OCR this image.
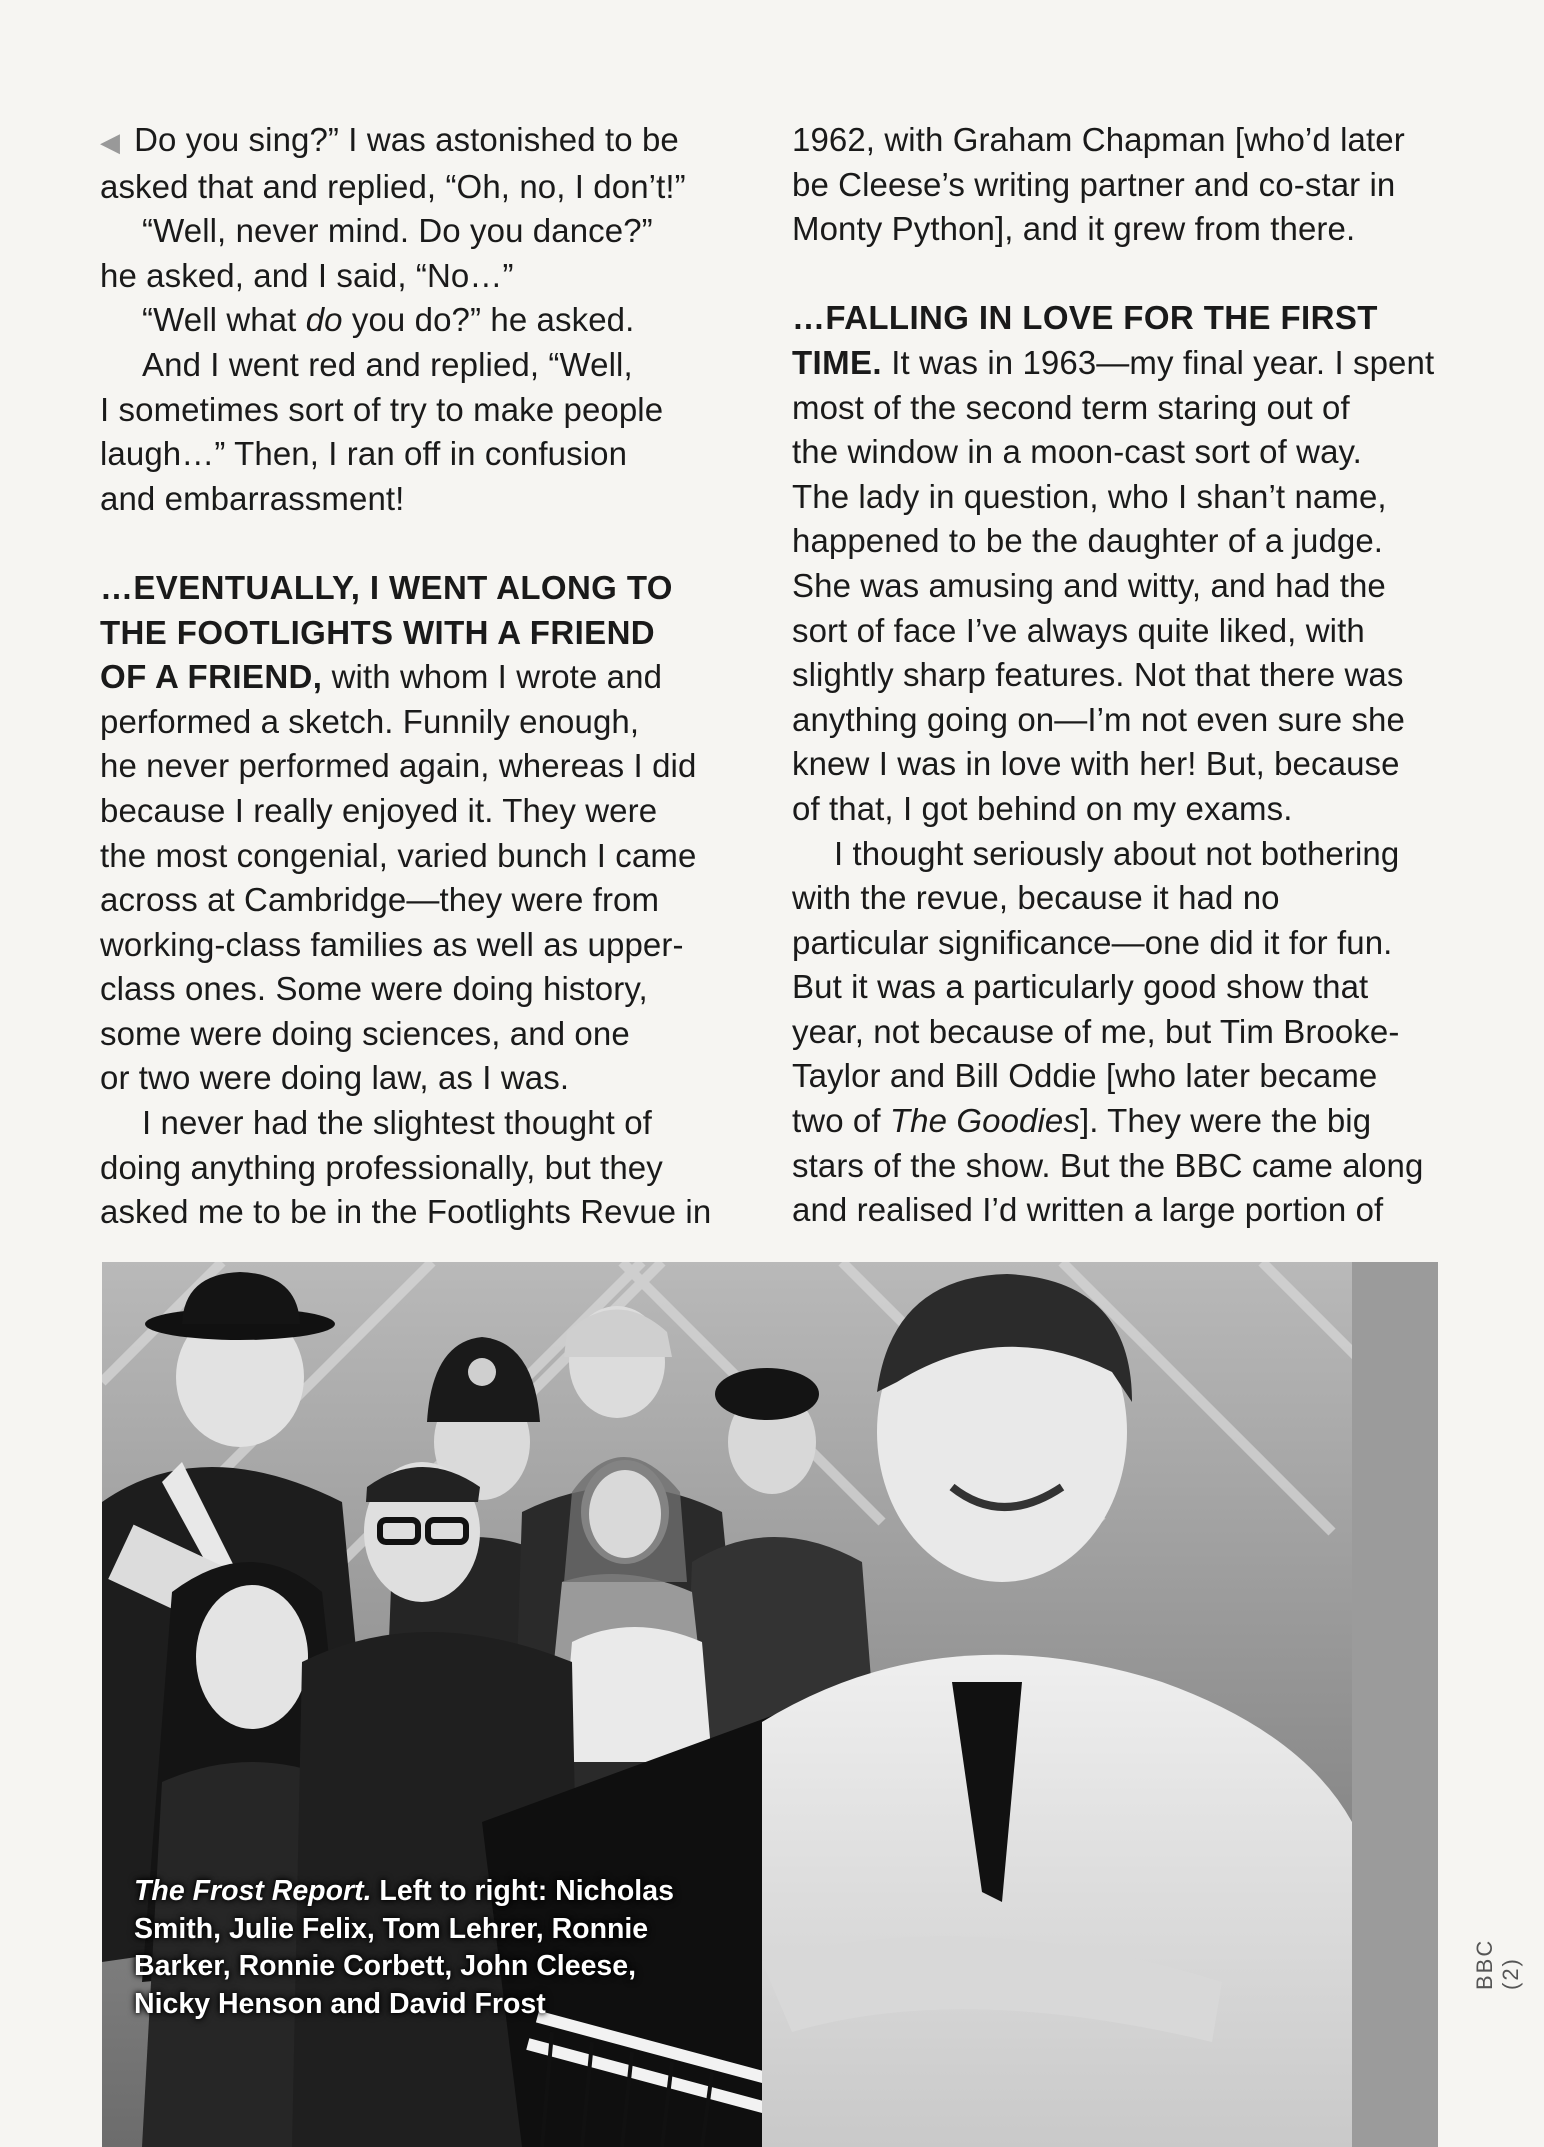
◀ Do you sing?” I was astonished to be
asked that and replied, “Oh, no, I don’t!”

“Well, never mind. Do you dance?”
he asked, and I said, “No…”

“Well what do you do?” he asked.

And I went red and replied, “Well,
I sometimes sort of try to make people
laugh…” Then, I ran off in confusion
and embarrassment!

…EVENTUALLY, I WENT ALONG TO
THE FOOTLIGHTS WITH A FRIEND
OF A FRIEND, with whom I wrote and
performed a sketch. Funnily enough,
he never performed again, whereas I did
because I really enjoyed it. They were
the most congenial, varied bunch I came
across at Cambridge—they were from
working-class families as well as upper-
class ones. Some were doing history,
some were doing sciences, and one
or two were doing law, as I was.

I never had the slightest thought of
doing anything professionally, but they
asked me to be in the Footlights Revue in

1962, with Graham Chapman [who’d later
be Cleese’s writing partner and co-star in
Monty Python], and it grew from there.

…FALLING IN LOVE FOR THE FIRST
TIME. It was in 1963—my final year. I spent
most of the second term staring out of
the window in a moon-cast sort of way.
The lady in question, who I shan’t name,
happened to be the daughter of a judge.
She was amusing and witty, and had the
sort of face I’ve always quite liked, with
slightly sharp features. Not that there was
anything going on—I’m not even sure she
knew I was in love with her! But, because
of that, I got behind on my exams.

I thought seriously about not bothering
with the revue, because it had no
particular significance—one did it for fun.
But it was a particularly good show that
year, not because of me, but Tim Brooke-
Taylor and Bill Oddie [who later became
two of The Goodies]. They were the big
stars of the show. But the BBC came along
and realised I’d written a large portion of

The Frost Report. Left to right: Nicholas
Smith, Julie Felix, Tom Lehrer, Ronnie
Barker, Ronnie Corbett, John Cleese,
Nicky Henson and David Frost
BBC (2)
